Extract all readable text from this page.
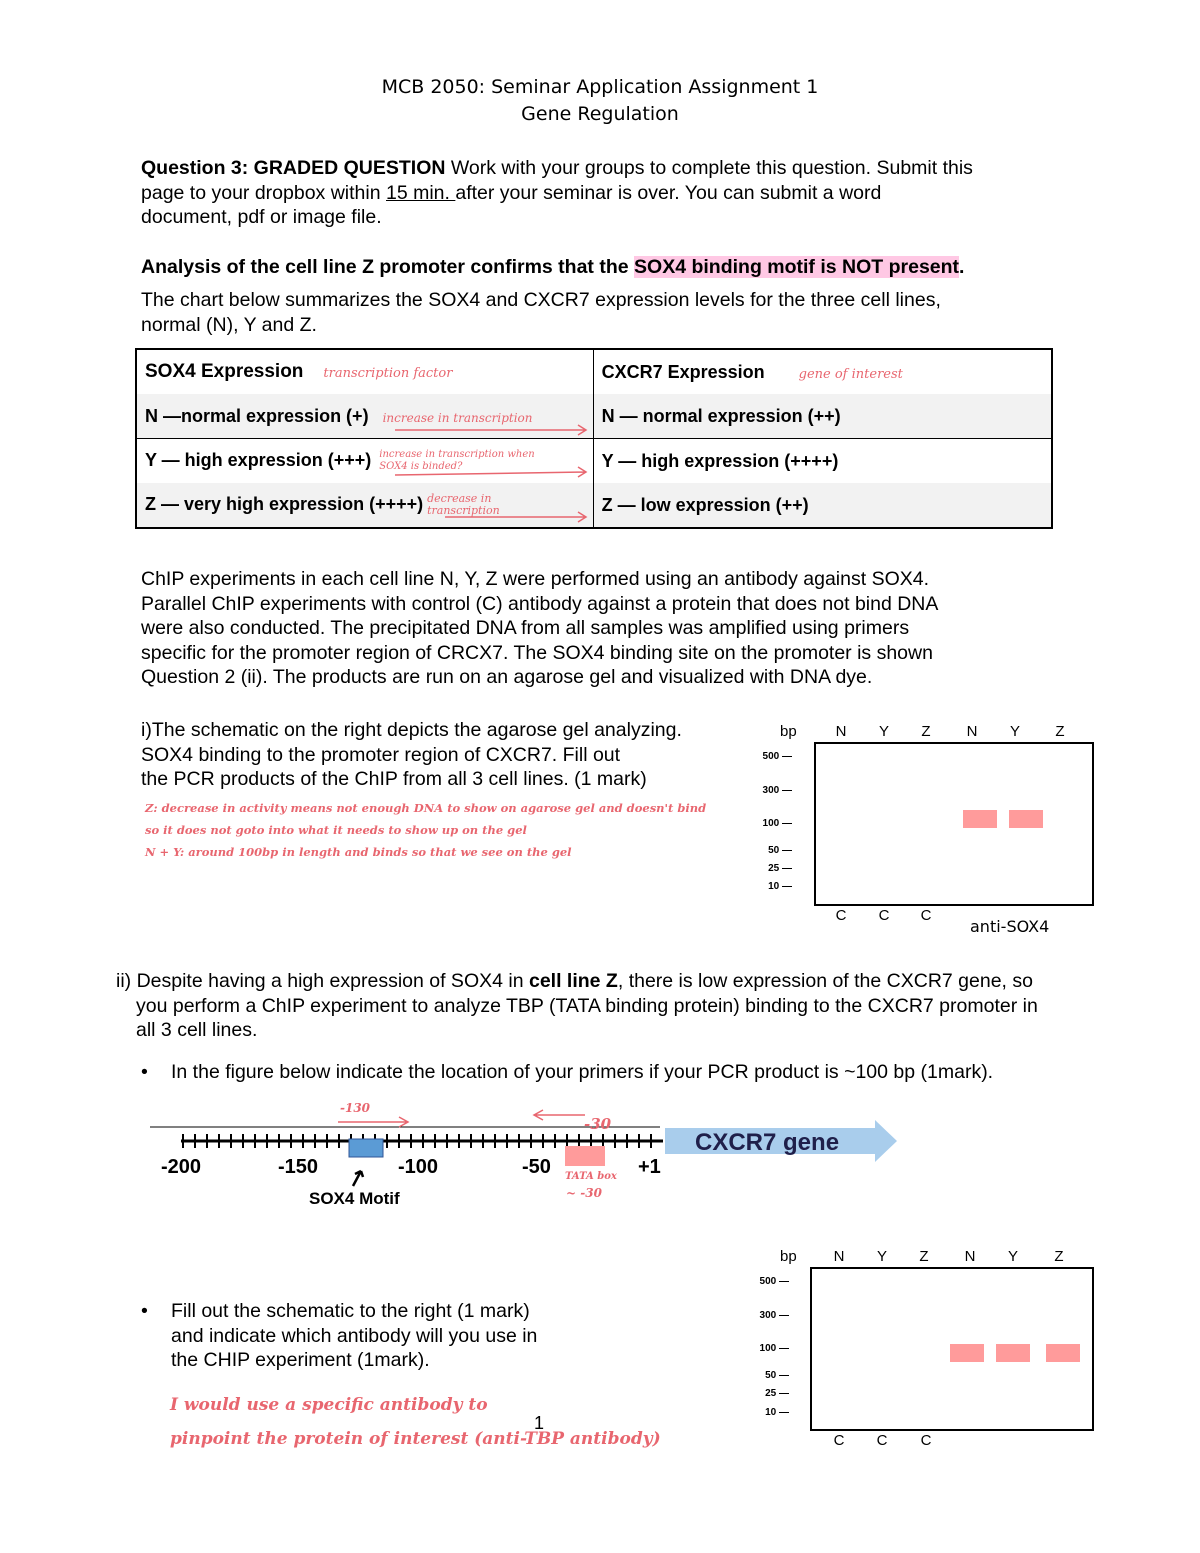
MCB 2050: Seminar Application Assignment 1
Gene Regulation
Question 3: GRADED QUESTION Work with your groups to complete this question. Submit this
page to your dropbox within 15 min. after your seminar is over. You can submit a word
document, pdf or image file.
Analysis of the cell line Z promoter confirms that the SOX4 binding motif is NOT present.
The chart below summarizes the SOX4 and CXCR7 expression levels for the three cell lines,
normal (N), Y and Z.
SOX4 Expression transcription factor	CXCR7 Expression gene of interest
N —normal expression (+) increase in transcription	N — normal expression (++)
Y — high expression (+++) increase in transcription when SOX4 is binded?	Y — high expression (++++)
Z — very high expression (++++) decrease in transcription	Z — low expression (++)
ChIP experiments in each cell line N, Y, Z were performed using an antibody against SOX4.
Parallel ChIP experiments with control (C) antibody against a protein that does not bind DNA
were also conducted. The precipitated DNA from all samples was amplified using primers
specific for the promoter region of CRCX7. The SOX4 binding site on the promoter is shown
Question 2 (ii). The products are run on an agarose gel and visualized with DNA dye.
i)The schematic on the right depicts the agarose gel analyzing.
SOX4 binding to the promoter region of CXCR7. Fill out
the PCR products of the ChIP from all 3 cell lines. (1 mark)
Z: decrease in activity means not enough DNA to show on agarose gel and doesn't bind
so it does not goto into what it needs to show up on the gel
N + Y: around 100bp in length and binds so that we see on the gel
bp	N	Y	Z	N	Y	Z
500 —
300 —
100 —
50 —
25 —
10 —
C	C	C
anti-SOX4
ii) Despite having a high expression of SOX4 in cell line Z, there is low expression of the CXCR7 gene, so
you perform a ChIP experiment to analyze TBP (TATA binding protein) binding to the CXCR7 promoter in
all 3 cell lines.
• In the figure below indicate the location of your primers if your PCR product is ~100 bp (1mark).
-200	-150	-100	-50	+1
CXCR7 gene
SOX4 Motif
-130
-30
TATA box
~ -30
• Fill out the schematic to the right (1 mark)
and indicate which antibody will you use in
the CHIP experiment (1mark).
I would use a specific antibody to
pinpoint the protein of interest (anti-TBP antibody)
bp	N	Y	Z	N	Y	Z
500 —
300 —
100 —
50 —
25 —
10 —
C	C	C
1
